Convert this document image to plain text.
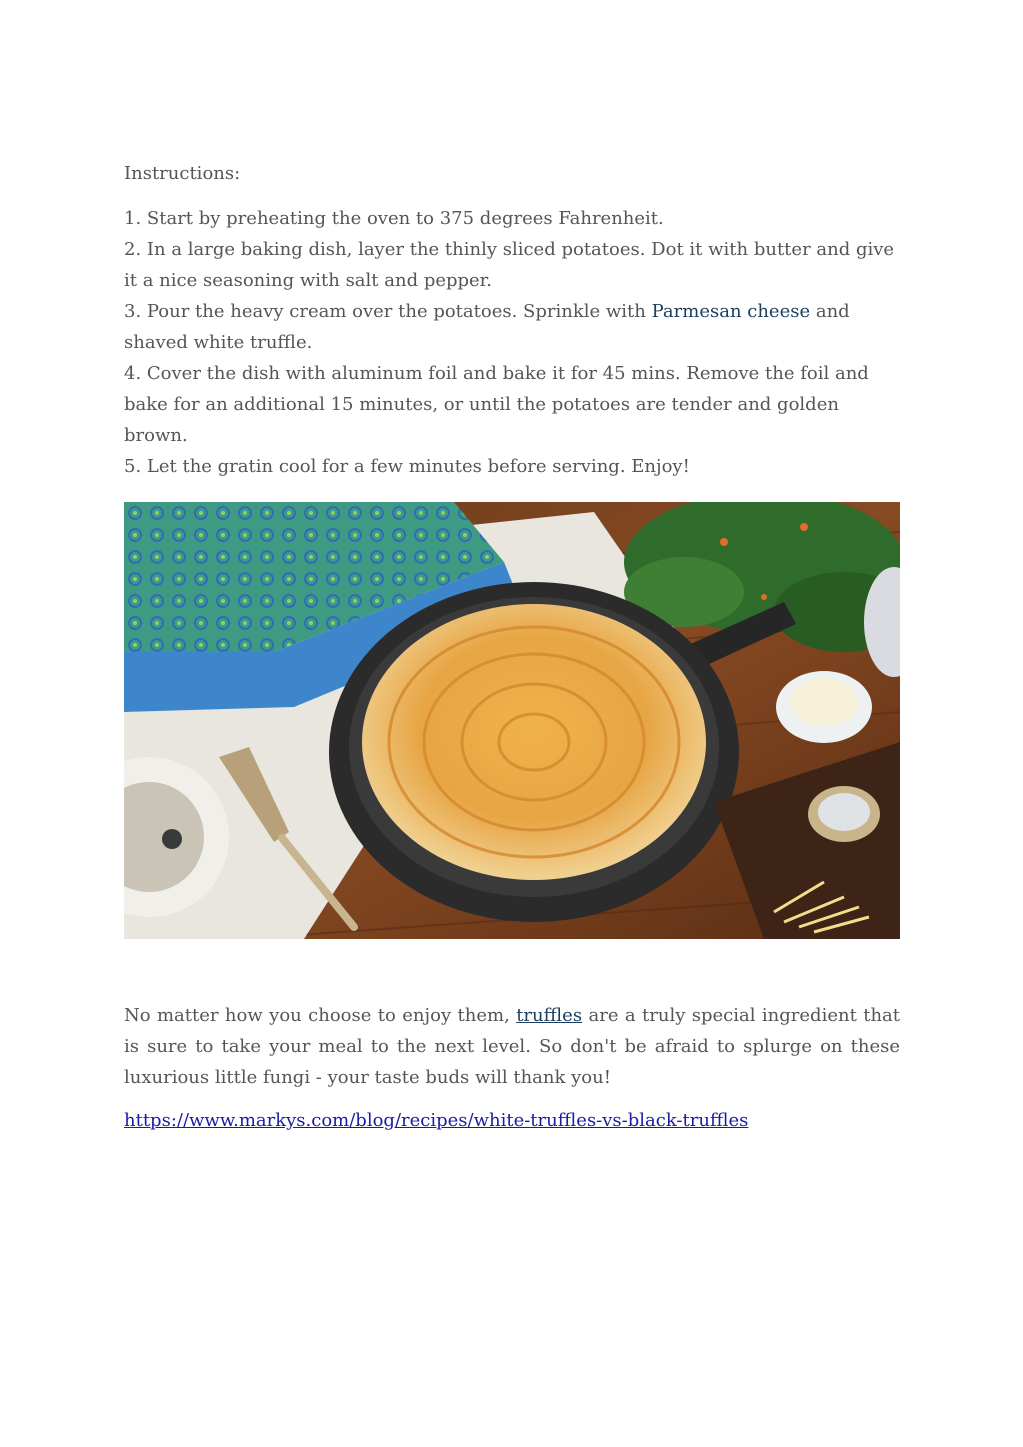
Instructions:

1. Start by preheating the oven to 375 degrees Fahrenheit.
2. In a large baking dish, layer the thinly sliced potatoes. Dot it with butter and give it a nice seasoning with salt and pepper.
3. Pour the heavy cream over the potatoes. Sprinkle with Parmesan cheese and shaved white truffle.
4. Cover the dish with aluminum foil and bake it for 45 mins. Remove the foil and bake for an additional 15 minutes, or until the potatoes are tender and golden brown.
5. Let the gratin cool for a few minutes before serving. Enjoy!

No matter how you choose to enjoy them, truffles are a truly special ingredient that is sure to take your meal to the next level. So don't be afraid to splurge on these luxurious little fungi - your taste buds will thank you!

https://www.markys.com/blog/recipes/white-truffles-vs-black-truffles
